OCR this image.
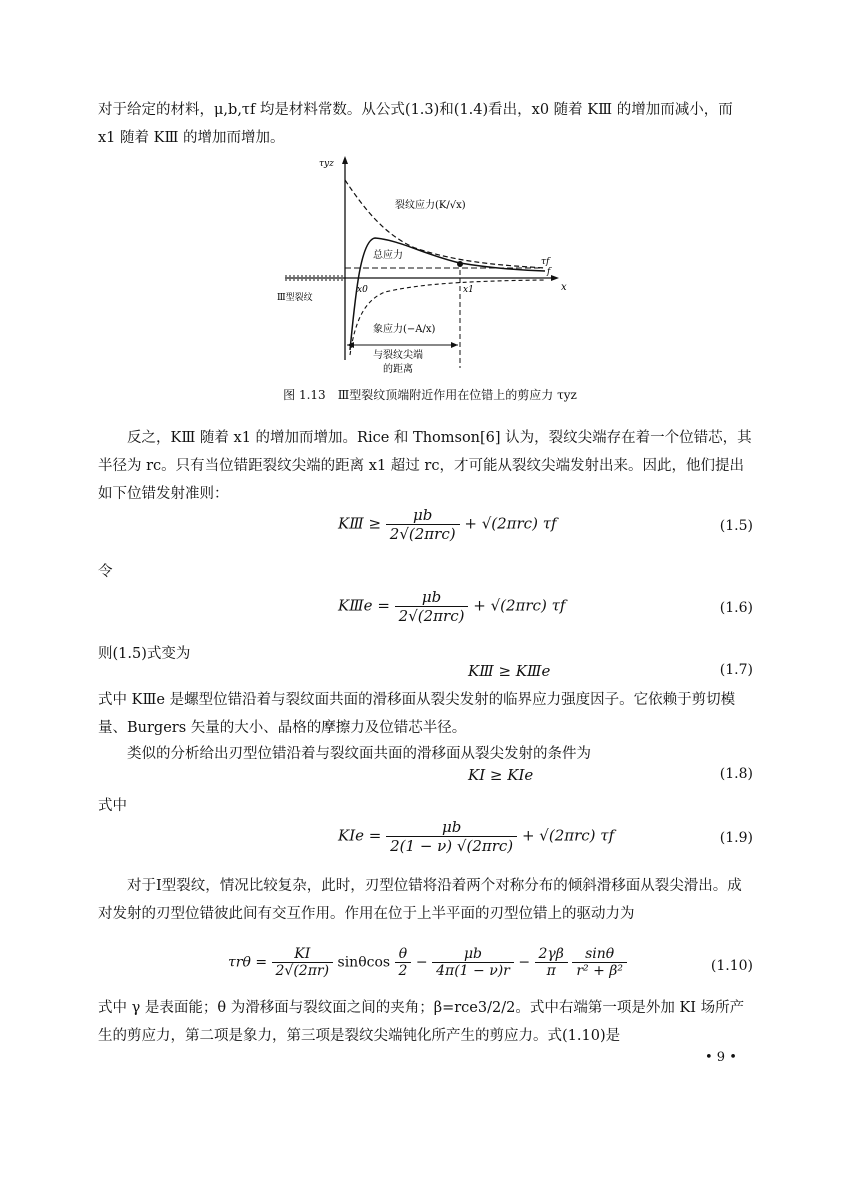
对于给定的材料，μ,b,τf 均是材料常数。从公式(1.3)和(1.4)看出，x0 随着 KⅢ 的增加而减小，而 x1 随着 KⅢ 的增加而增加。

τyz
x
裂纹应力(K/√x)
总应力
象应力(−A/x)
Ⅲ型裂纹
与裂纹尖端
的距离
x0	x1
τf
f
图 1.13　Ⅲ型裂纹顶端附近作用在位错上的剪应力 τyz

反之，KⅢ 随着 x1 的增加而增加。Rice 和 Thomson[6] 认为，裂纹尖端存在着一个位错芯，其半径为 rc。只有当位错距裂纹尖端的距离 x1 超过 rc，才可能从裂纹尖端发射出来。因此，他们提出如下位错发射准则：

KⅢ ≥ $\frac{\mu b}{\text{2√(2πrc)}} + √(2\pi rc)$ τf	(1.5)
令
KⅢe = $\frac{\mu b}{\text{2√(2πrc)}} + √(2\pi rc)$ τf	(1.6)
则(1.5)式变为
KⅢ ≥ KⅢe	(1.7)

式中 KⅢe 是螺型位错沿着与裂纹面共面的滑移面从裂尖发射的临界应力强度因子。它依赖于剪切模量、Burgers 矢量的大小、晶格的摩擦力及位错芯半径。

类似的分析给出刃型位错沿着与裂纹面共面的滑移面从裂尖发射的条件为

KⅠ ≥ KⅠe	(1.8)
式中
KⅠe = $\frac{\mu b}{\text{2(1 − ν) √(2πrc)}} + √(2\pi rc)$ τf	(1.9)

对于Ⅰ型裂纹，情况比较复杂，此时，刃型位错将沿着两个对称分布的倾斜滑移面从裂尖滑出。成对发射的刃型位错彼此间有交互作用。作用在位于上半平面的刃型位错上的驱动力为

$\tau r\theta = \frac{\text{KⅠ}}{2√(2\pi r)}$ sinθcos $\frac{\theta}{2} - \frac{\mu b}{4\pi(1 - \nu)r} - \frac{2\gamma\beta}{\pi}$
$\frac{\sin\theta}{\text{r² + β²}}$	(1.10)

式中 γ 是表面能；θ 为滑移面与裂纹面之间的夹角；β=rce3/2/2。式中右端第一项是外加 KⅠ 场所产生的剪应力，第二项是象力，第三项是裂纹尖端钝化所产生的剪应力。式(1.10)是

• 9 •
